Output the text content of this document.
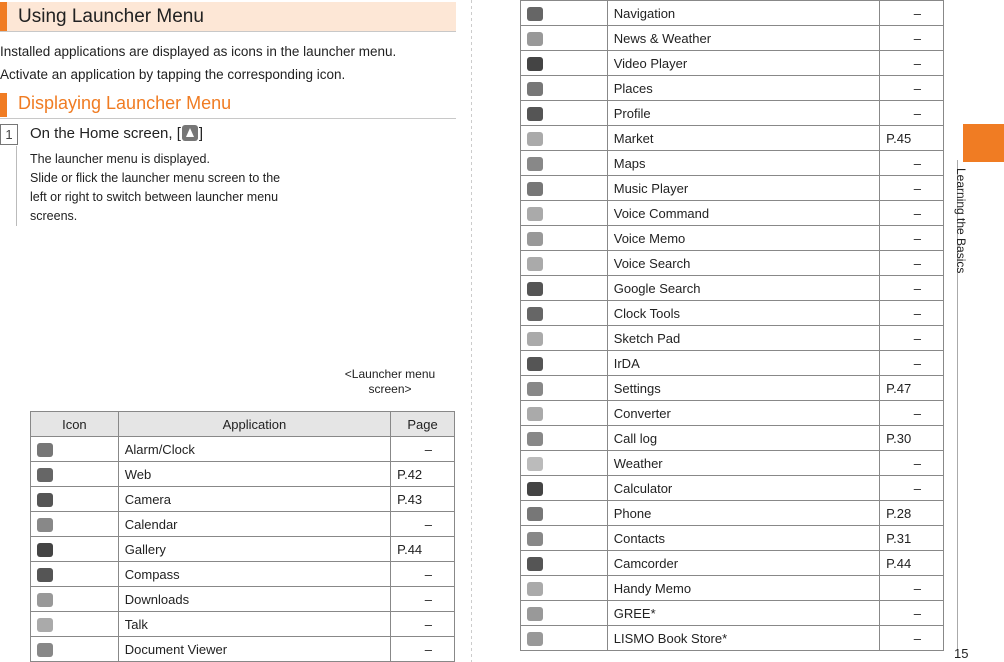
Using Launcher Menu
Installed applications are displayed as icons in the launcher menu.
Activate an application by tapping the corresponding icon.
Displaying Launcher Menu
1	On the Home screen, [ ]
The launcher menu is displayed.
Slide or flick the launcher menu screen to the
left or right to switch between launcher menu
screens.
<Launcher menu
screen>
Icon	Application	Page
	Alarm/Clock	–
	Web	P.42
	Camera	P.43
	Calendar	–
	Gallery	P.44
	Compass	–
	Downloads	–
	Talk	–
	Document Viewer	–
	Navigation	–
	News & Weather	–
	Video Player	–
	Places	–
	Profile	–
	Market	P.45
	Maps	–
	Music Player	–
	Voice Command	–
	Voice Memo	–
	Voice Search	–
	Google Search	–
	Clock Tools	–
	Sketch Pad	–
	IrDA	–
	Settings	P.47
	Converter	–
	Call log	P.30
	Weather	–
	Calculator	–
	Phone	P.28
	Contacts	P.31
	Camcorder	P.44
	Handy Memo	–
	GREE*	–
	LISMO Book Store*	–
Learning the Basics
15
